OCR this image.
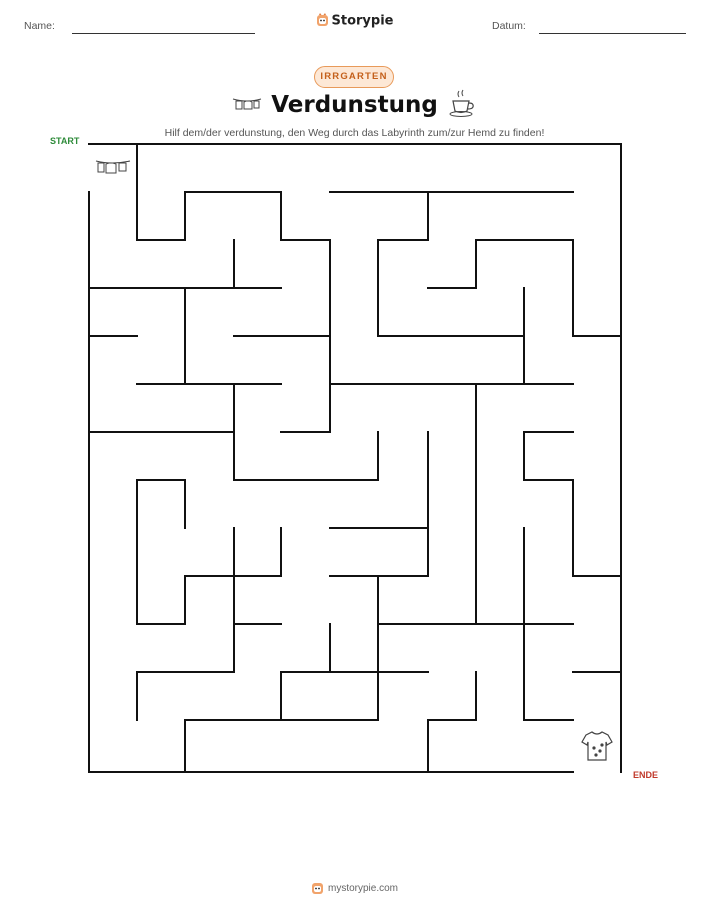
Name:	Storypie	Datum:
IRRGARTEN
Verdunstung
Hilf dem/der verdunstung, den Weg durch das Labyrinth zum/zur Hemd zu finden!
START
ENDE
mystorypie.com
